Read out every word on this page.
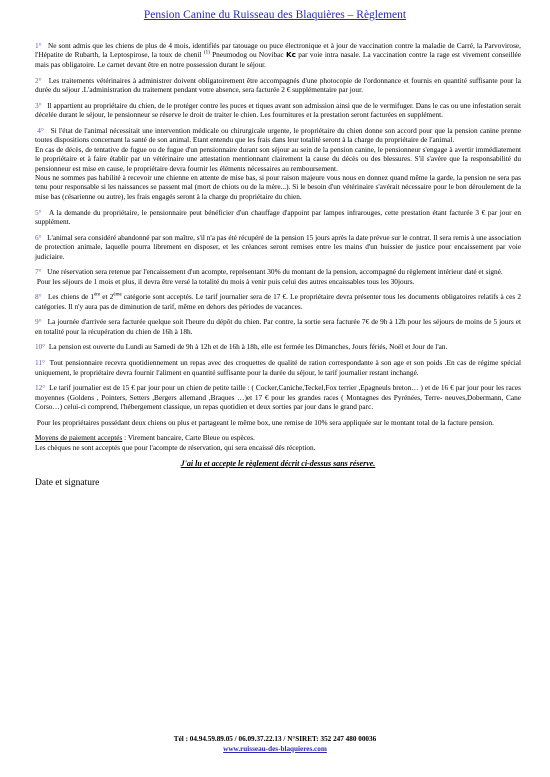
Pension Canine du Ruisseau des Blaquières – Règlement

1° Ne sont admis que les chiens de plus de 4 mois, identifiés par tatouage ou puce électronique et à jour de vaccination contre la maladie de Carré, la Parvovirose, l'Hépatite de Rubarth, la Leptospirose, la toux de chenil $^{(1)}$ Pneumodog ou Novibac Kc par voie intra nasale. La vaccination contre la rage est vivement conseillée mais pas obligatoire. Le carnet devant être en notre possession durant le séjour.

2° Les traitements vétérinaires à administrer doivent obligatoirement être accompagnés d'une photocopie de l'ordonnance et fournis en quantité suffisante pour la durée du séjour .L'administration du traitement pendant votre absence, sera facturée 2 € supplémentaire par jour.

3° Il appartient au propriétaire du chien, de le protéger contre les puces et tiques avant son admission ainsi que de le vermifuger. Dans le cas ou une infestation serait décelée durant le séjour, le pensionneur se réserve le droit de traiter le chien. Les fournitures et la prestation seront facturées en supplément.

4° Si l'état de l'animal nécessitait une intervention médicale ou chirurgicale urgente, le propriétaire du chien donne son accord pour que la pension canine prenne toutes dispositions concernant la santé de son animal. Etant entendu que les frais dans leur totalité seront à la charge du propriétaire de l'animal.

En cas de décès, de tentative de fugue ou de fugue d'un pensionnaire durant son séjour au sein de la pension canine, le pensionneur s'engage à avertir immédiatement le propriétaire et à faire établir par un vétérinaire une attestation mentionnant clairement la cause du décès ou des blessures. S'il s'avère que la responsabilité du pensionneur est mise en cause, le propriétaire devra fournir les éléments nécessaires au remboursement.

Nous ne sommes pas habilité à recevoir une chienne en attente de mise bas, si pour raison majeure vous nous en donnez quand même la garde, la pension ne sera pas tenu pour responsable si les naissances se passent mal (mort de chiots ou de la mère...). Si le besoin d'un vétérinaire s'avérait nécessaire pour le bon déroulement de la mise bas (césarienne ou autre), les frais engagés seront à la charge du propriétaire du chien.

5° A la demande du propriétaire, le pensionnaire peut bénéficier d'un chauffage d'appoint par lampes infrarouges, cette prestation étant facturée 3 € par jour en supplément.

6° L'animal sera considéré abandonné par son maître, s'il n'a pas été récupéré de la pension 15 jours après la date prévue sur le contrat. Il sera remis à une association de protection animale, laquelle pourra librement en disposer, et les créances seront remises entre les mains d'un huissier de justice pour encaissement par voie judiciaire.

7° Une réservation sera retenue par l'encaissement d'un acompte, représentant 30% du montant de la pension, accompagné du règlement intérieur daté et signé.

Pour les séjours de 1 mois et plus, il devra être versé la totalité du mois à venir puis celui des autres encaissables tous les 30jours.

8° Les chiens de 1ère et 2ème catégorie sont acceptés. Le tarif journalier sera de 17 €. Le propriétaire devra présenter tous les documents obligatoires relatifs à ces 2 catégories. Il n'y aura pas de diminution de tarif, même en dehors des périodes de vacances.

9° La journée d'arrivée sera facturée quelque soit l'heure du dépôt du chien. Par contre, la sortie sera facturée 7€ de 9h à 12h pour les séjours de moins de 5 jours et en totalité pour la récupération du chien de 16h à 18h.

10° La pension est ouverte du Lundi au Samedi de 9h à 12h et de 16h à 18h, elle est fermée les Dimanches, Jours fériés, Noël et Jour de l'an.

11° Tout pensionnaire recevra quotidiennement un repas avec des croquettes de qualité de ration correspondante à son age et son poids .En cas de régime spécial uniquement, le propriétaire devra fournir l'aliment en quantité suffisante pour la durée du séjour, le tarif journalier restant inchangé.

12° Le tarif journalier est de 15 € par jour pour un chien de petite taille : ( Cocker,Caniche,Teckel,Fox terrier ,Epagneuls breton… ) et de 16 € par jour pour les races moyennes (Goldens , Pointers, Setters ,Bergers allemand ,Braques …)et 17 € pour les grandes races ( Montagnes des Pyrénées, Terre- neuves,Dobermann, Cane Corso…) celui-ci comprend, l'hébergement classique, un repas quotidien et deux sorties par jour dans le grand parc.

Pour les propriétaires possédant deux chiens ou plus et partageant le même box, une remise de 10% sera appliquée sur le montant total de la facture pension.

Moyens de paiement acceptés : Virement bancaire, Carte Bleue ou espèces.

Les chèques ne sont acceptés que pour l'acompte de réservation, qui sera encaissé dès réception.

J'ai lu et accepte le règlement décrit ci-dessus sans réserve.

Date et signature

Tél : 04.94.59.89.05 / 06.09.37.22.13 / N°SIRET: 352 247 480 00036
www.ruisseau-des-blaquieres.com
